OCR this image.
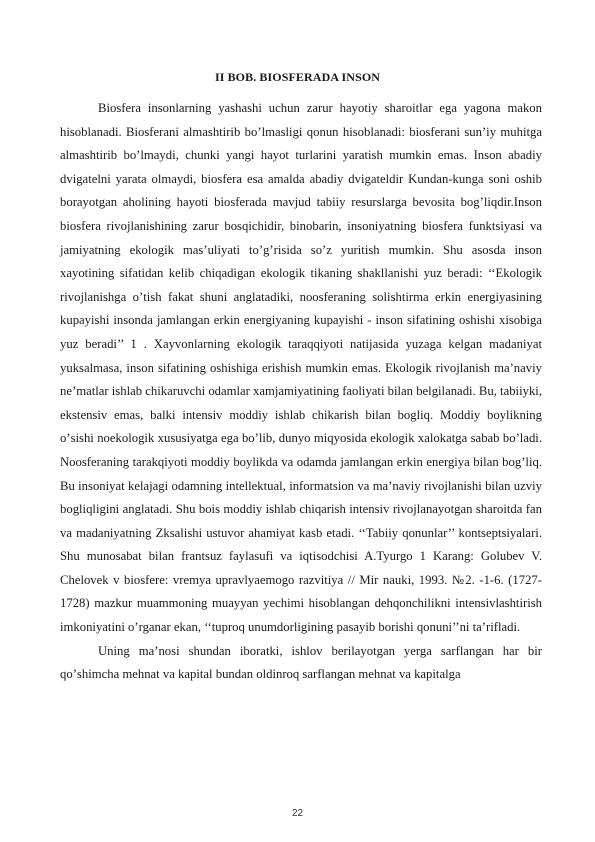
II BOB. BIOSFERADA INSON

Biosfera insonlarning yashashi uchun zarur hayotiy sharoitlar ega yagona makon hisoblanadi. Biosferani almashtirib boʼlmasligi qonun hisoblanadi: biosferani sunʼiy muhitga almashtirib boʼlmaydi, chunki yangi hayot turlarini yaratish mumkin emas. Inson abadiy dvigatelni yarata olmaydi, biosfera esa amalda abadiy dvigateldir Kundan-kunga soni oshib borayotgan aholining hayoti biosferada mavjud tabiiy resurslarga bevosita bogʼliqdir.Inson biosfera rivojlanishining zarur bosqichidir, binobarin, insoniyatning biosfera funktsiyasi va jamiyatning ekologik masʼuliyati toʼgʼrisida soʼz yuritish mumkin. Shu asosda inson xayotining sifatidan kelib chiqadigan ekologik tikaning shakllanishi yuz beradi: ‘‘Ekologik rivojlanishga oʼtish fakat shuni anglatadiki, noosferaning solishtirma erkin energiyasining kupayishi insonda jamlangan erkin energiyaning kupayishi - inson sifatining oshishi xisobiga yuz beradi’’ 1 . Xayvonlarning ekologik taraqqiyoti natijasida yuzaga kelgan madaniyat yuksalmasa, inson sifatining oshishiga erishish mumkin emas. Ekologik rivojlanish maʼnaviy neʼmatlar ishlab chikaruvchi odamlar xamjamiyatining faoliyati bilan belgilanadi. Bu, tabiiyki, ekstensiv emas, balki intensiv moddiy ishlab chikarish bilan bogliq. Moddiy boylikning oʼsishi noekologik xususiyatga ega boʼlib, dunyo miqyosida ekologik xalokatga sabab boʼladi. Noosferaning tarakqiyoti moddiy boylikda va odamda jamlangan erkin energiya bilan bogʼliq. Bu insoniyat kelajagi odamning intellektual, informatsion va maʼnaviy rivojlanishi bilan uzviy bogliqligini anglatadi. Shu bois moddiy ishlab chiqarish intensiv rivojlanayotgan sharoitda fan va madaniyatning Zksalishi ustuvor ahamiyat kasb etadi. ‘‘Tabiiy qonunlar’’ kontseptsiyalari. Shu munosabat bilan frantsuz faylasufi va iqtisodchisi A.Tyurgo 1 Karang: Golubev V. Chelovek v biosfere: vremya upravlyaemogo razvitiya // Mir nauki, 1993. №2. -1-6. (1727-1728) mazkur muammoning muayyan yechimi hisoblangan dehqonchilikni intensivlashtirish imkoniyatini oʼrganar ekan, ‘‘tuproq unumdorligining pasayib borishi qonuni’’ni taʼrifladi.

Uning maʼnosi shundan iboratki, ishlov berilayotgan yerga sarflangan har bir qoʼshimcha mehnat va kapital bundan oldinroq sarflangan mehnat va kapitalga

22
